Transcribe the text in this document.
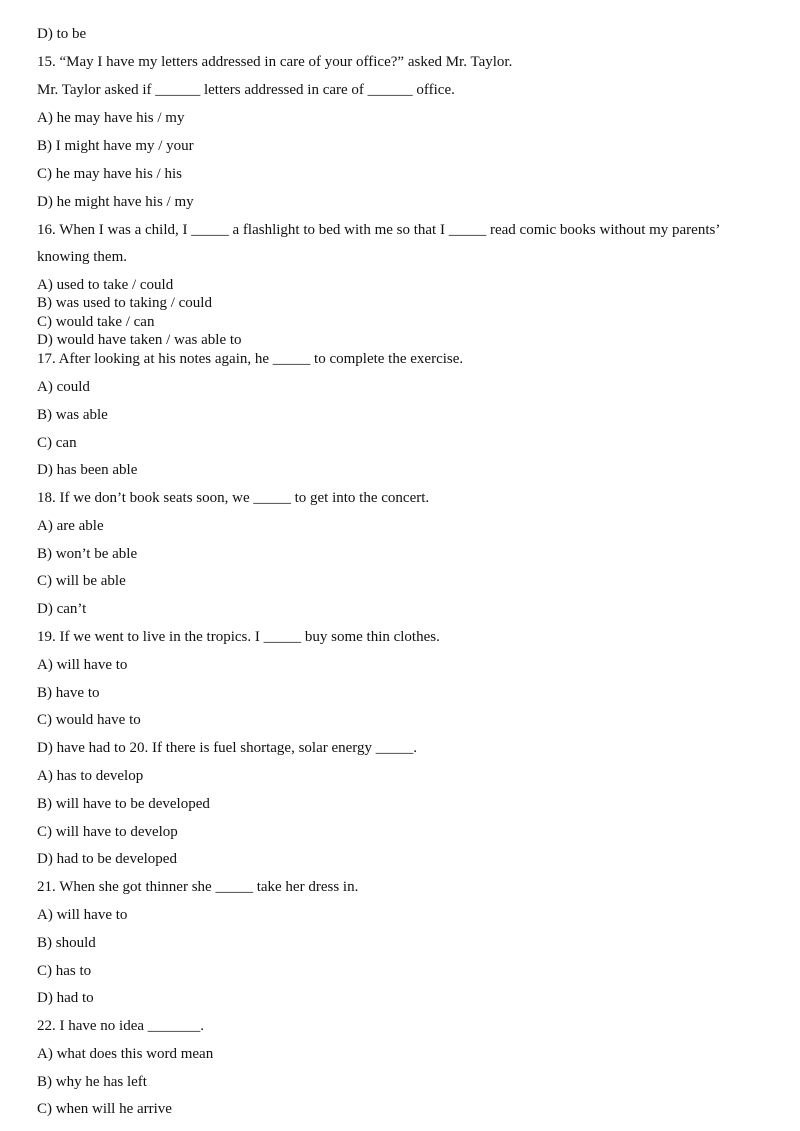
D) to be
15. “May I have my letters addressed in care of your office?” asked Mr. Taylor.
Mr. Taylor asked if ______ letters addressed in care of ______ office.
A) he may have his / my
B) I might have my / your
C) he may have his / his
D) he might have his / my
16. When I was a child, I _____ a flashlight to bed with me so that I _____ read comic books without my parents’
knowing them.
A) used to take / could
B) was used to taking / could
C) would take / can
D) would have taken / was able to
17. After looking at his notes again, he _____ to complete the exercise.
A) could
B) was able
C) can
D) has been able
18. If we don’t book seats soon, we _____ to get into the concert.
A) are able
B) won’t be able
C) will be able
D) can’t
19. If we went to live in the tropics. I _____ buy some thin clothes.
A) will have to
B) have to
C) would have to
D) have had to 20. If there is fuel shortage, solar energy _____.
A) has to develop
B) will have to be developed
C) will have to develop
D) had to be developed
21. When she got thinner she _____ take her dress in.
A) will have to
B) should
C) has to
D) had to
22. I have no idea _______.
A) what does this word mean
B) why he has left
C) when will he arrive
